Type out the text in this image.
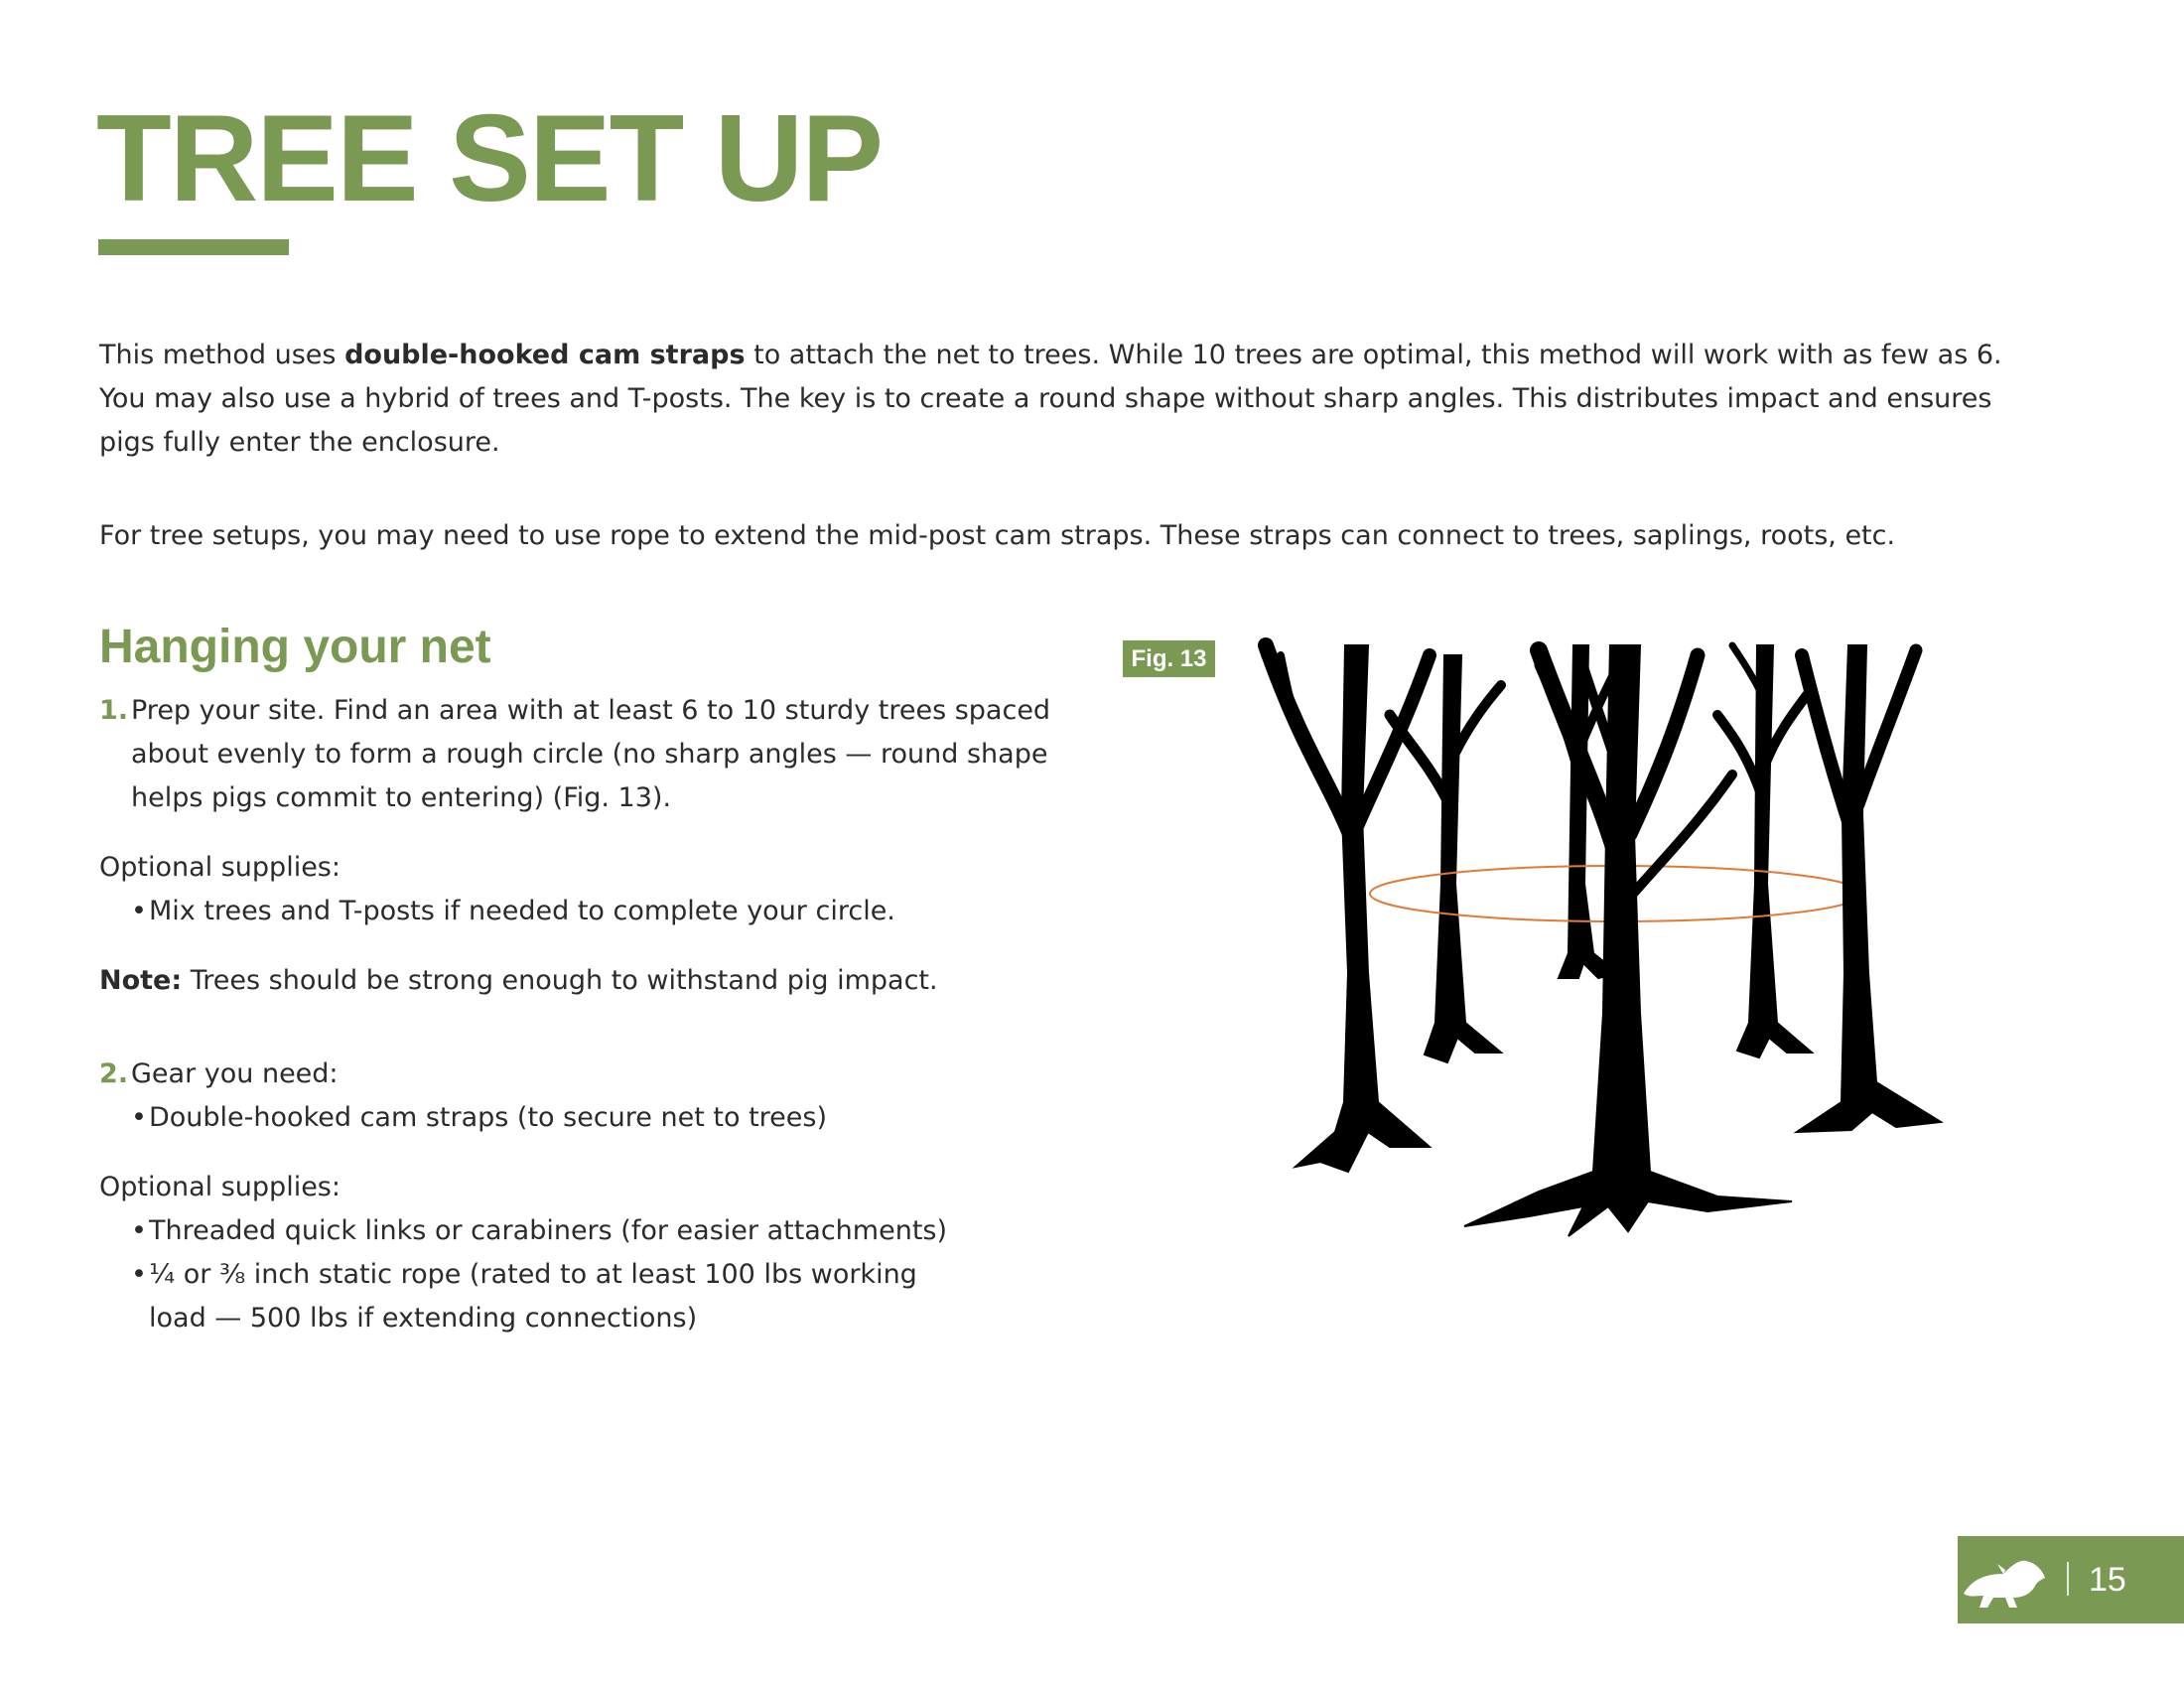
TREE SET UP

This method uses double-hooked cam straps to attach the net to trees. While 10 trees are optimal, this method will work with as few as 6. You may also use a hybrid of trees and T-posts. The key is to create a round shape without sharp angles. This distributes impact and ensures pigs fully enter the enclosure.

For tree setups, you may need to use rope to extend the mid-post cam straps. These straps can connect to trees, saplings, roots, etc.

Hanging your net

1. Prep your site. Find an area with at least 6 to 10 sturdy trees spaced about evenly to form a rough circle (no sharp angles — round shape helps pigs commit to entering) (Fig. 13).

Optional supplies:

• Mix trees and T-posts if needed to complete your circle.

Note: Trees should be strong enough to withstand pig impact.

2. Gear you need:

• Double-hooked cam straps (to secure net to trees)

Optional supplies:

• Threaded quick links or carabiners (for easier attachments)

• ¼ or ⅜ inch static rope (rated to at least 100 lbs working load — 500 lbs if extending connections)

Fig. 13
15
